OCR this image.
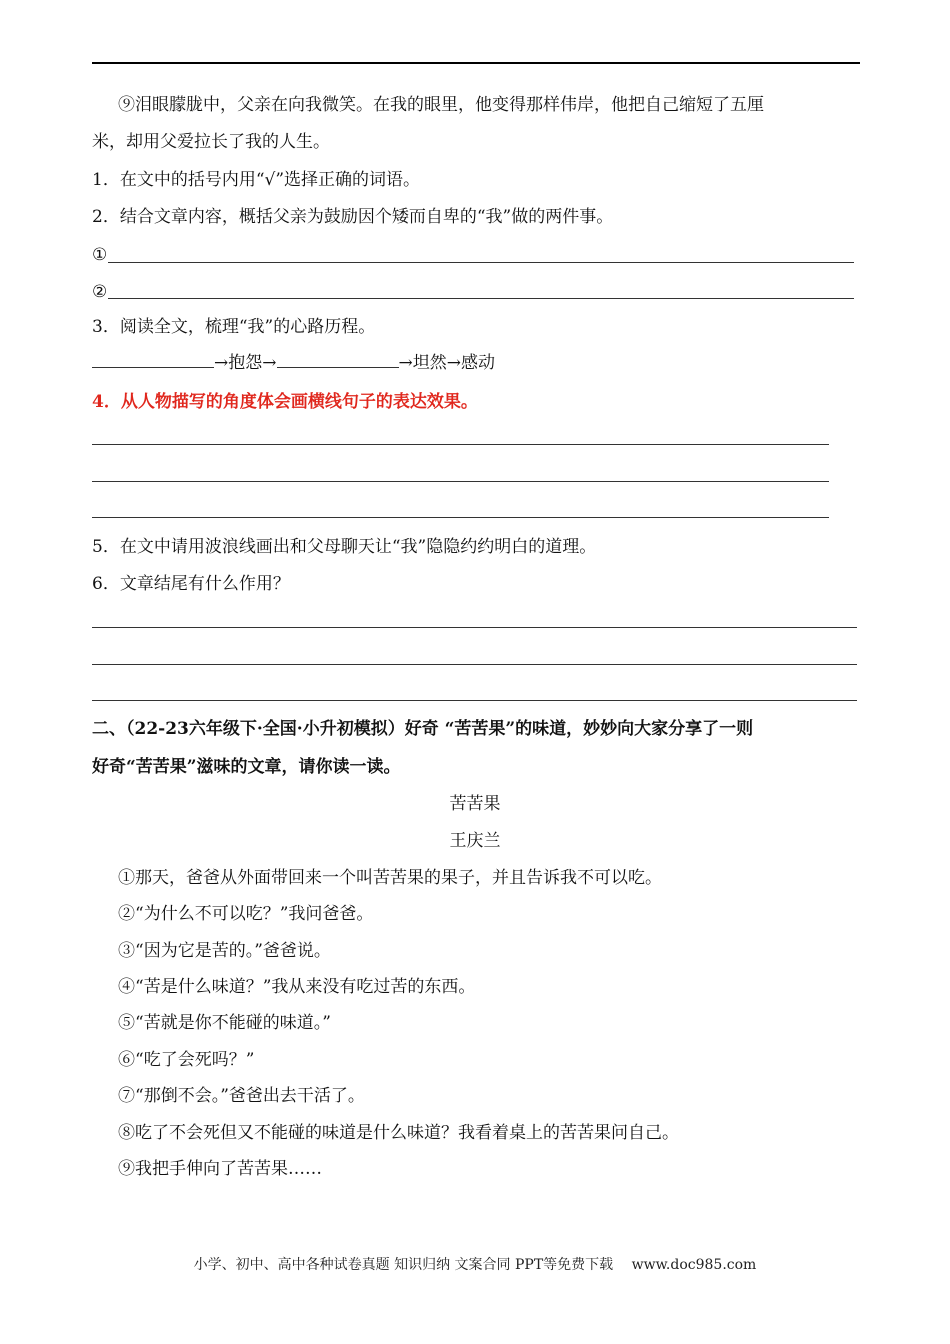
⑨泪眼朦胧中，父亲在向我微笑。在我的眼里，他变得那样伟岸，他把自己缩短了五厘
米，却用父爱拉长了我的人生。
1．在文中的括号内用“√”选择正确的词语。
2．结合文章内容，概括父亲为鼓励因个矮而自卑的“我”做的两件事。
①
②
3．阅读全文，梳理“我”的心路历程。
→抱怨→	→坦然→感动
4．从人物描写的角度体会画横线句子的表达效果。
5．在文中请用波浪线画出和父母聊天让“我”隐隐约约明白的道理。
6．文章结尾有什么作用？
二、（22-23六年级下·全国·小升初模拟）好奇 “苦苦果”的味道，妙妙向大家分享了一则
好奇“苦苦果”滋味的文章，请你读一读。
苦苦果
王庆兰
①那天，爸爸从外面带回来一个叫苦苦果的果子，并且告诉我不可以吃。
②“为什么不可以吃？”我问爸爸。
③“因为它是苦的。”爸爸说。
④“苦是什么味道？”我从来没有吃过苦的东西。
⑤“苦就是你不能碰的味道。”
⑥“吃了会死吗？”
⑦“那倒不会。”爸爸出去干活了。
⑧吃了不会死但又不能碰的味道是什么味道？我看着桌上的苦苦果问自己。
⑨我把手伸向了苦苦果……
小学、初中、高中各种试卷真题 知识归纳 文案合同 PPT等免费下载　 www.doc985.com
